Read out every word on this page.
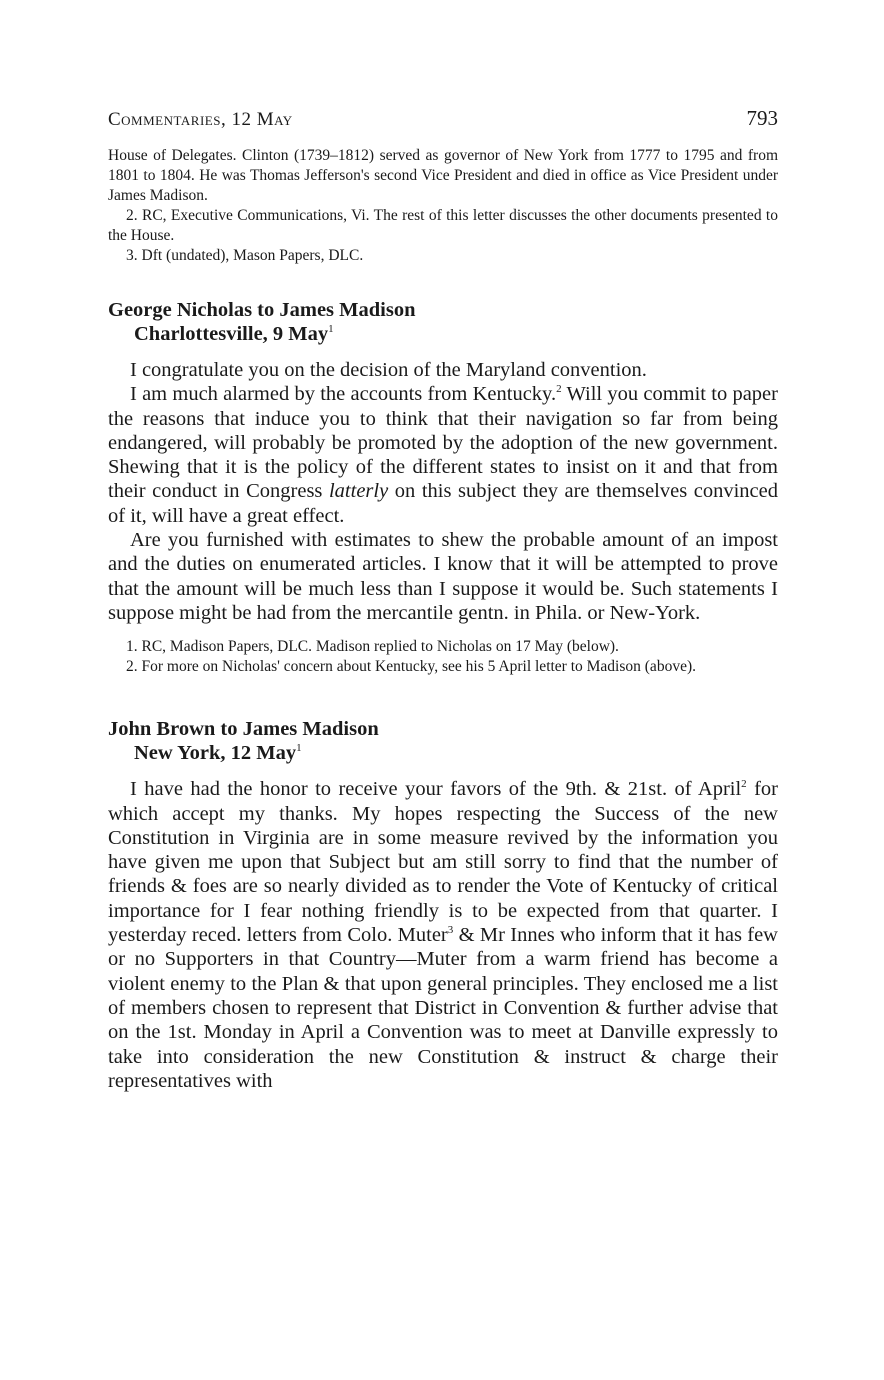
Commentaries, 12 May	793

House of Delegates. Clinton (1739–1812) served as governor of New York from 1777 to 1795 and from 1801 to 1804. He was Thomas Jefferson's second Vice President and died in office as Vice President under James Madison.

2. RC, Executive Communications, Vi. The rest of this letter discusses the other documents presented to the House.

3. Dft (undated), Mason Papers, DLC.

George Nicholas to James Madison
Charlottesville, 9 May$^1$

I congratulate you on the decision of the Maryland convention.

I am much alarmed by the accounts from Kentucky.$^2$ Will you commit to paper the reasons that induce you to think that their navigation so far from being endangered, will probably be promoted by the adoption of the new government. Shewing that it is the policy of the different states to insist on it and that from their conduct in Congress latterly on this subject they are themselves convinced of it, will have a great effect.

Are you furnished with estimates to shew the probable amount of an impost and the duties on enumerated articles. I know that it will be attempted to prove that the amount will be much less than I suppose it would be. Such statements I suppose might be had from the mercantile gentn. in Phila. or New-York.

1. RC, Madison Papers, DLC. Madison replied to Nicholas on 17 May (below).

2. For more on Nicholas' concern about Kentucky, see his 5 April letter to Madison (above).

John Brown to James Madison
New York, 12 May$^1$

I have had the honor to receive your favors of the 9th. & 21st. of April$^2$ for which accept my thanks. My hopes respecting the Success of the new Constitution in Virginia are in some measure revived by the information you have given me upon that Subject but am still sorry to find that the number of friends & foes are so nearly divided as to render the Vote of Kentucky of critical importance for I fear nothing friendly is to be expected from that quarter. I yesterday reced. letters from Colo. Muter$^3$ & Mr Innes who inform that it has few or no Supporters in that Country—Muter from a warm friend has become a violent enemy to the Plan & that upon general principles. They enclosed me a list of members chosen to represent that District in Convention & further advise that on the 1st. Monday in April a Convention was to meet at Danville expressly to take into consideration the new Constitution & instruct & charge their representatives with
